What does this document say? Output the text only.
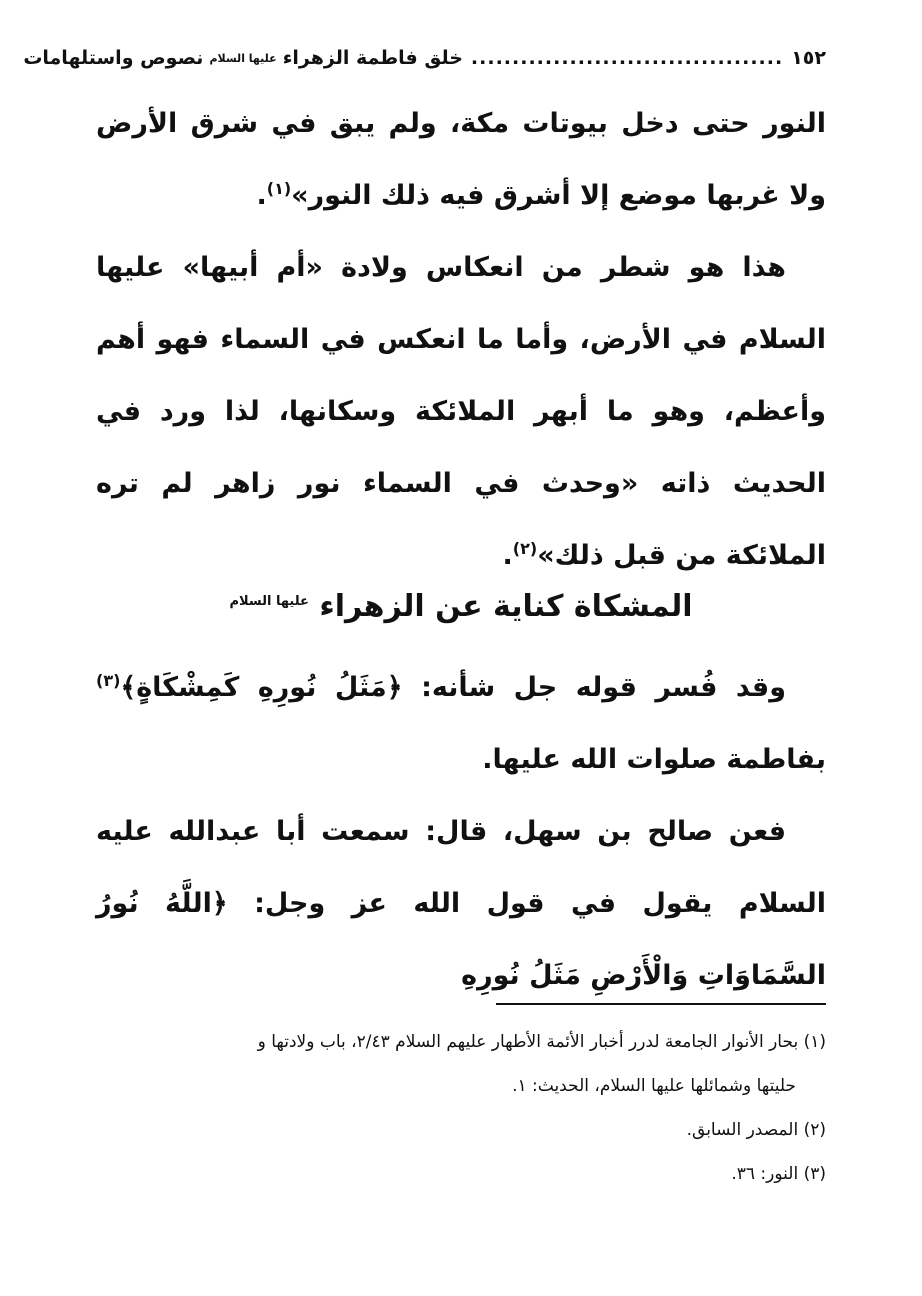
١٥٢
......................................
خلق فاطمة الزهراء
عليها السلام
نصوص واستلهامات

النور حتى دخل بيوتات مكة، ولم يبق في شرق الأرض ولا غربها موضع إلا أشرق فيه ذلك النور»$^{(١)}$.

هذا هو شطر من انعكاس ولادة «أم أبيها» عليها السلام في الأرض، وأما ما انعكس في السماء فهو أهم وأعظم، وهو ما أبهر الملائكة وسكانها، لذا ورد في الحديث ذاته «وحدث في السماء نور زاهر لم تره الملائكة من قبل ذلك»$^{(٢)}$.

المشكاة كناية عن الزهراء $^{عليها السلام}$

وقد فُسر قوله جل شأنه: ﴿مَثَلُ نُورِهِ كَمِشْكَاةٍ﴾$^{(٣)}$ بفاطمة صلوات الله عليها.

فعن صالح بن سهل، قال: سمعت أبا عبدالله عليه السلام يقول في قول الله عز وجل: ﴿اللَّهُ نُورُ السَّمَاوَاتِ وَالْأَرْضِ مَثَلُ نُورِهِ

(١) بحار الأنوار الجامعة لدرر أخبار الأئمة الأطهار عليهم السلام ٢/٤٣، باب ولادتها و

حليتها وشمائلها عليها السلام، الحديث: ١.

(٢) المصدر السابق.

(٣) النور: ٣٦.
